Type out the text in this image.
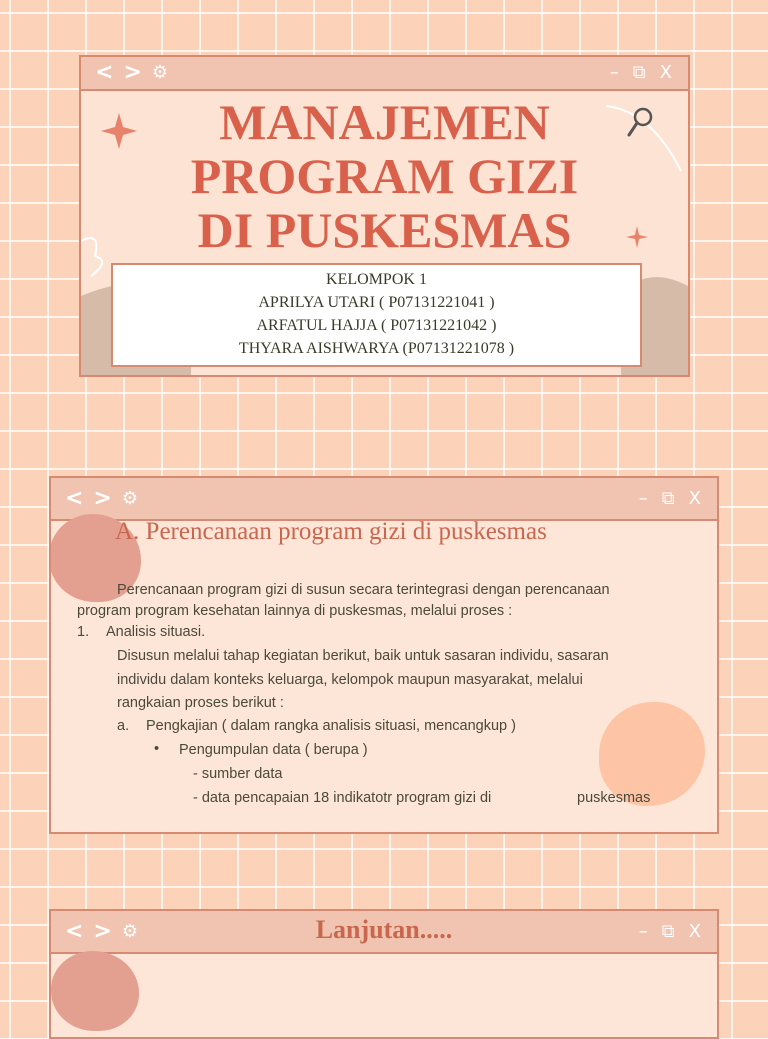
< > ⚙	– ⧉ X
MANAJEMEN
PROGRAM GIZI
DI PUSKESMAS
KELOMPOK 1
APRILYA UTARI ( P07131221041 )
ARFATUL HAJJA ( P07131221042 )
THYARA AISHWARYA (P07131221078 )
< > ⚙	– ⧉ X
A. Perencanaan program gizi di puskesmas
Perencanaan program gizi di susun secara terintegrasi dengan perencanaan
program program kesehatan lainnya di puskesmas, melalui proses :
1. Analisis situasi.
Disusun melalui tahap kegiatan berikut, baik untuk sasaran individu, sasaran
individu dalam konteks keluarga, kelompok maupun masyarakat, melalui
rangkaian proses berikut :
a. Pengkajian ( dalam rangka analisis situasi, mencangkup )
• Pengumpulan data ( berupa )
- sumber data
- data pencapaian 18 indikatotr program gizi di	puskesmas
< > ⚙	Lanjutan.....	– ⧉ X
